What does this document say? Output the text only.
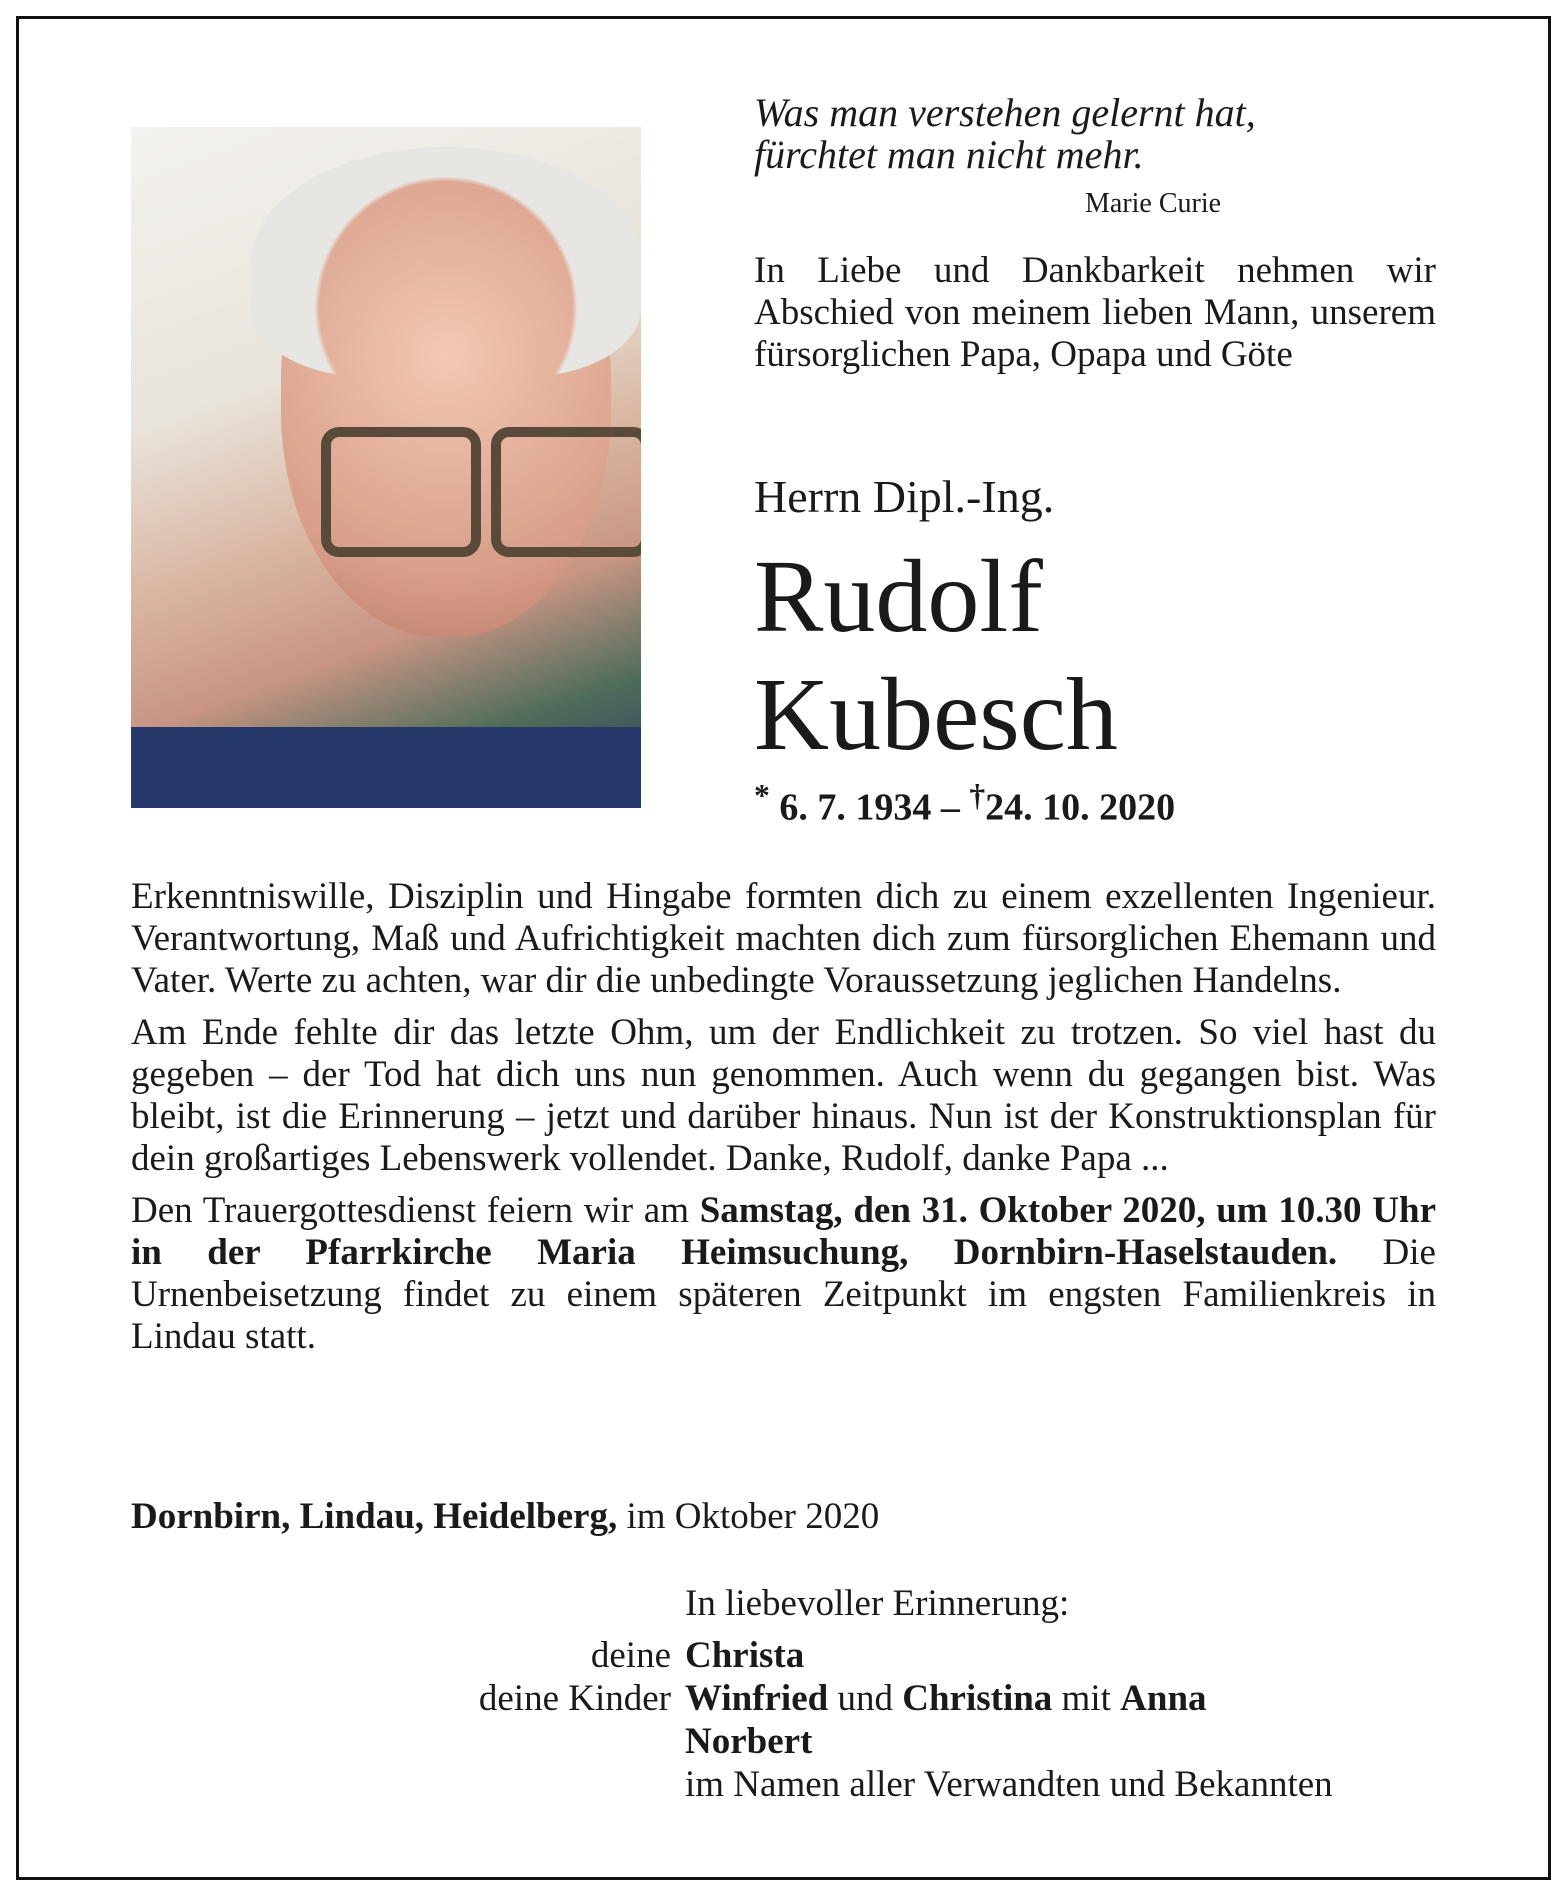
Was man verstehen gelernt hat,
fürchtet man nicht mehr.
Marie Curie
In Liebe und Dankbarkeit nehmen wir Abschied von meinem lieben Mann, unserem fürsorglichen Papa, Opapa und Göte
Herrn Dipl.-Ing.
Rudolf
Kubesch
* 6. 7. 1934 – †24. 10. 2020

Erkenntniswille, Disziplin und Hingabe formten dich zu einem exzellenten Ingenieur. Verantwortung, Maß und Aufrichtigkeit machten dich zum fürsorglichen Ehemann und Vater. Werte zu achten, war dir die unbedingte Voraussetzung jeglichen Handelns.

Am Ende fehlte dir das letzte Ohm, um der Endlichkeit zu trotzen. So viel hast du gegeben – der Tod hat dich uns nun genommen. Auch wenn du gegangen bist. Was bleibt, ist die Erinnerung – jetzt und darüber hinaus. Nun ist der Konstruktionsplan für dein großartiges Lebenswerk vollendet. Danke, Rudolf, danke Papa ...

Den Trauergottesdienst feiern wir am Samstag, den 31. Oktober 2020, um 10.30 Uhr in der Pfarrkirche Maria Heimsuchung, Dornbirn-Haselstauden. Die Urnenbeisetzung findet zu einem späteren Zeitpunkt im engsten Familienkreis in Lindau statt.

Dornbirn, Lindau, Heidelberg, im Oktober 2020
In liebevoller Erinnerung:
deine Christa
deine Kinder Winfried und Christina mit Anna
Norbert
im Namen aller Verwandten und Bekannten
